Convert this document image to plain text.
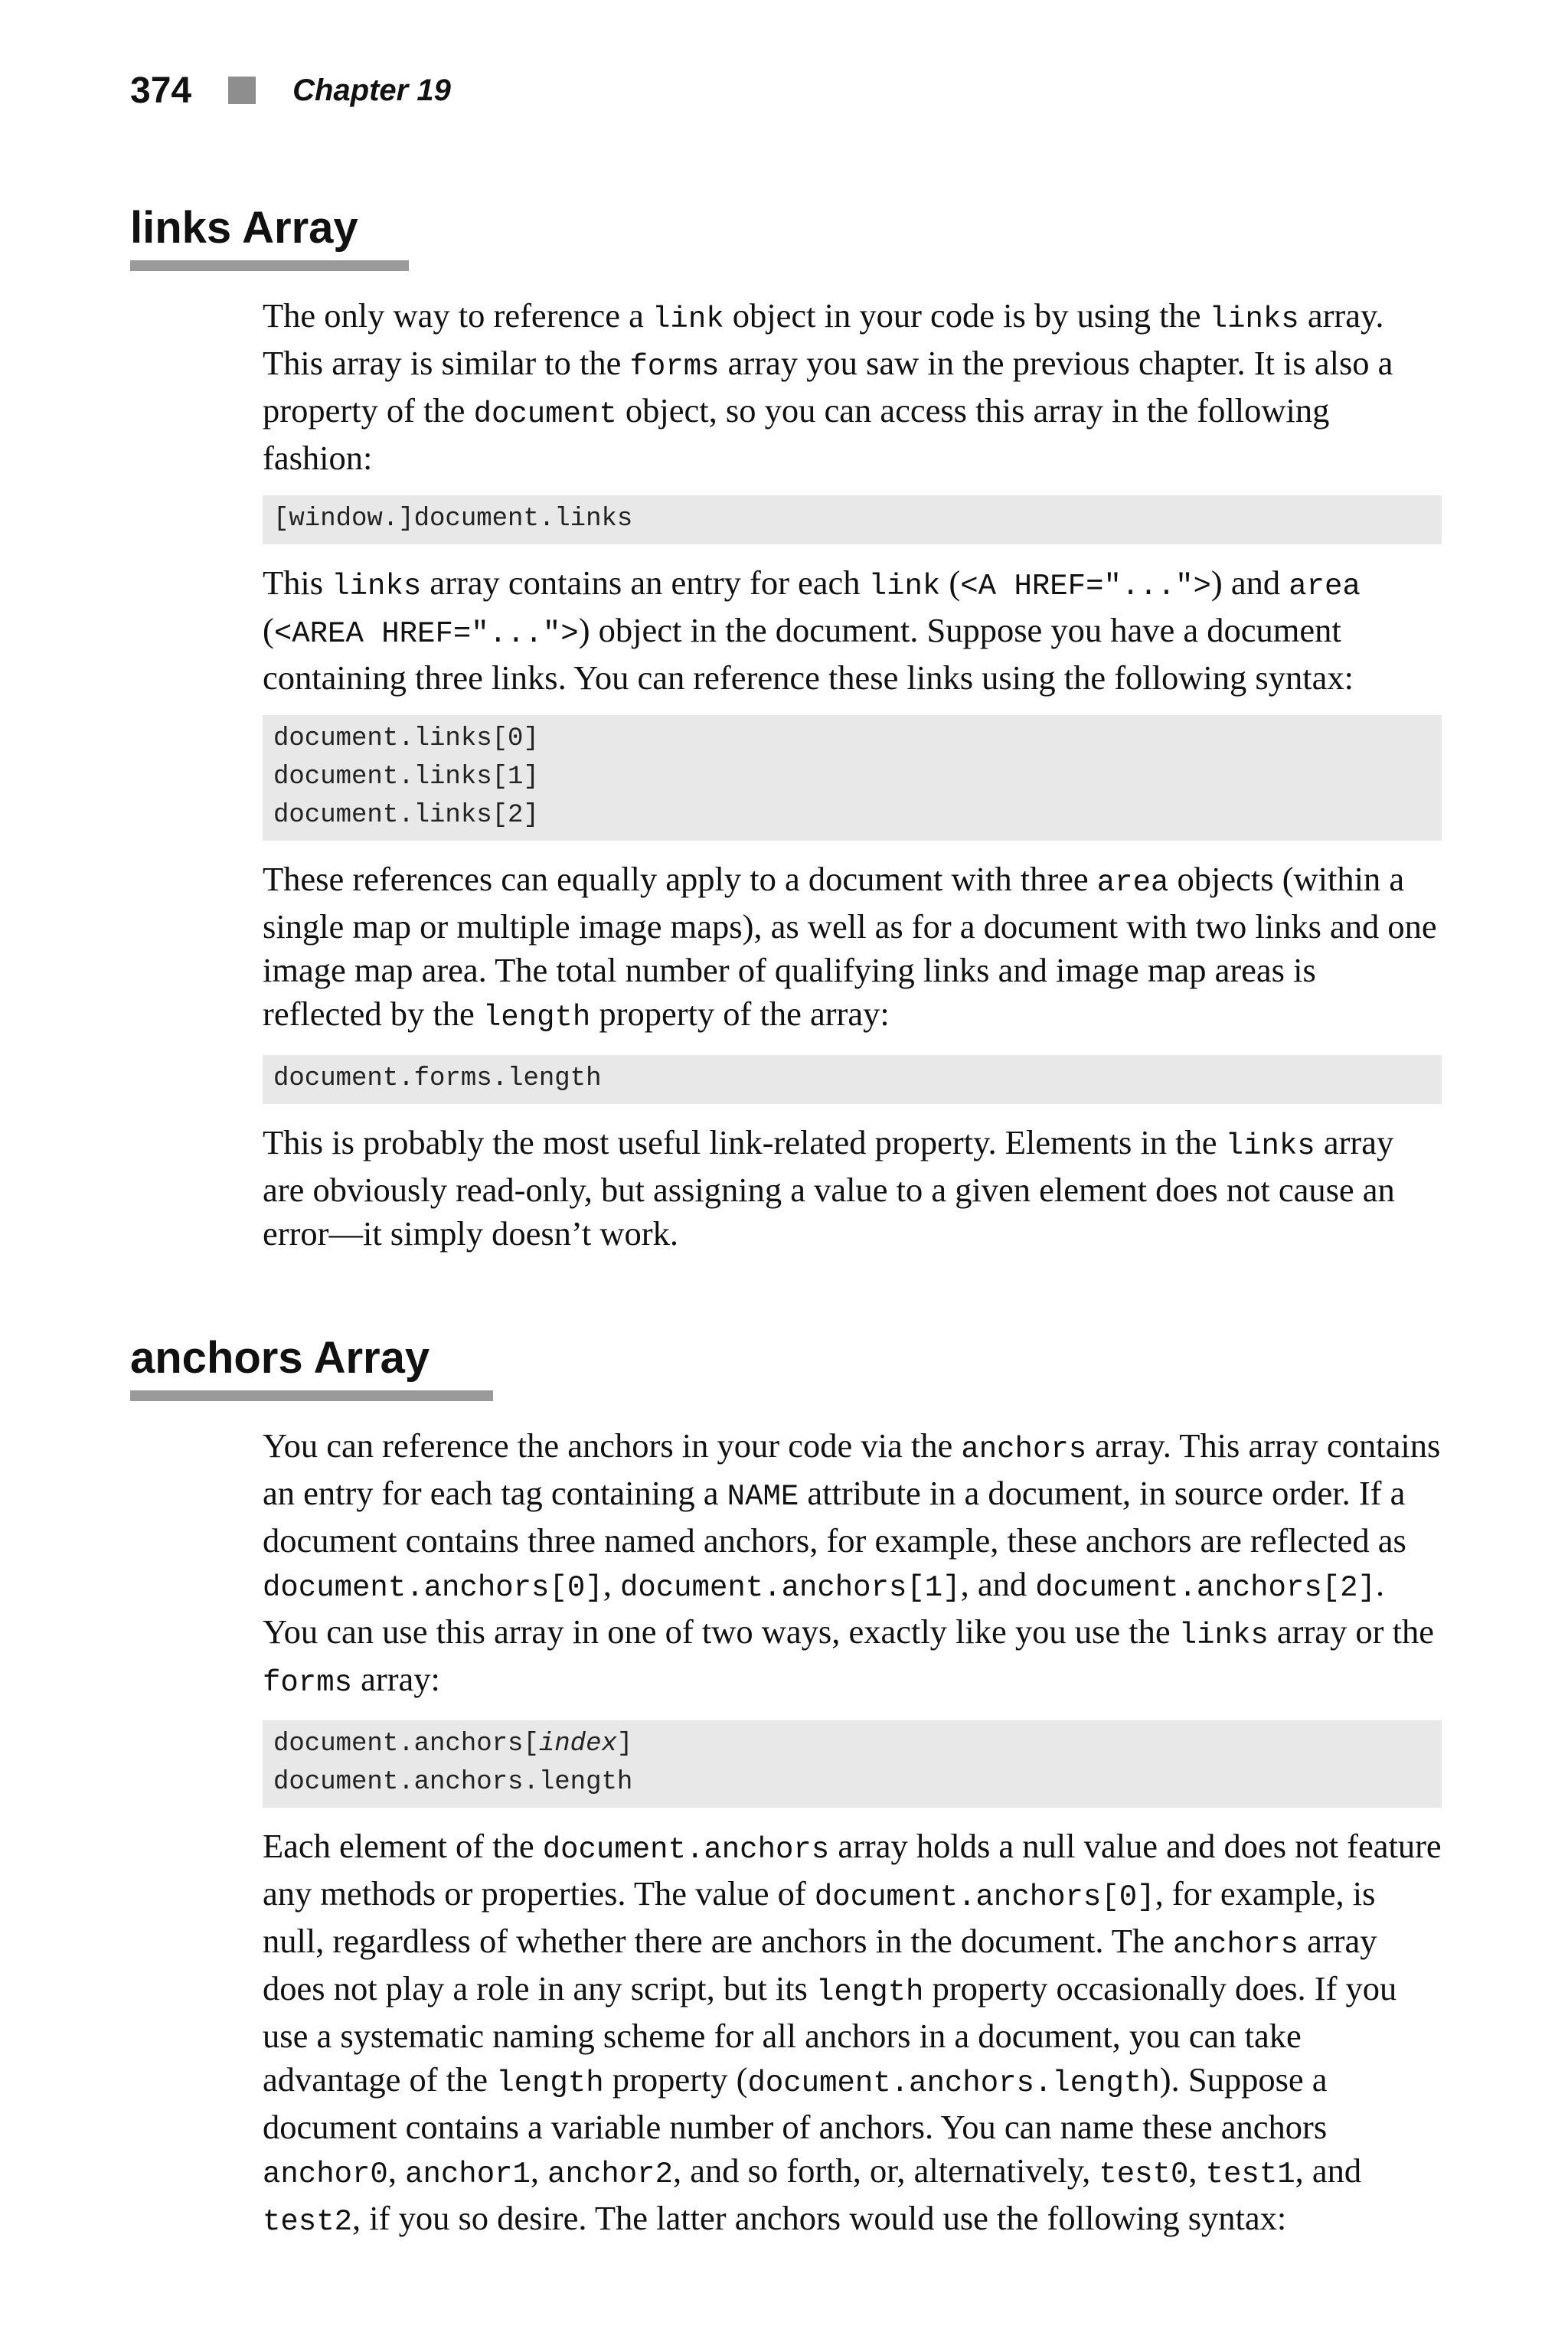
374	Chapter 19
links Array

The only way to reference a link object in your code is by using the links array. This array is similar to the forms array you saw in the previous chapter. It is also a property of the document object, so you can access this array in the following fashion:

[window.]document.links

This links array contains an entry for each link (<A HREF="...">) and area (<AREA HREF="...">) object in the document. Suppose you have a document containing three links. You can reference these links using the following syntax:

document.links[0]
document.links[1]
document.links[2]

These references can equally apply to a document with three area objects (within a single map or multiple image maps), as well as for a document with two links and one image map area. The total number of qualifying links and image map areas is reflected by the length property of the array:

document.forms.length

This is probably the most useful link-related property. Elements in the links array are obviously read-only, but assigning a value to a given element does not cause an error—it simply doesn’t work.

anchors Array

You can reference the anchors in your code via the anchors array. This array contains an entry for each tag containing a NAME attribute in a document, in source order. If a document contains three named anchors, for example, these anchors are reflected as document.anchors[0], document.anchors[1], and document.anchors[2]. You can use this array in one of two ways, exactly like you use the links array or the forms array:

document.anchors[index]
document.anchors.length

Each element of the document.anchors array holds a null value and does not feature any methods or properties. The value of document.anchors[0], for example, is null, regardless of whether there are anchors in the document. The anchors array does not play a role in any script, but its length property occasionally does. If you use a systematic naming scheme for all anchors in a document, you can take advantage of the length property (document.anchors.length). Suppose a document contains a variable number of anchors. You can name these anchors anchor0, anchor1, anchor2, and so forth, or, alternatively, test0, test1, and test2, if you so desire. The latter anchors would use the following syntax:
